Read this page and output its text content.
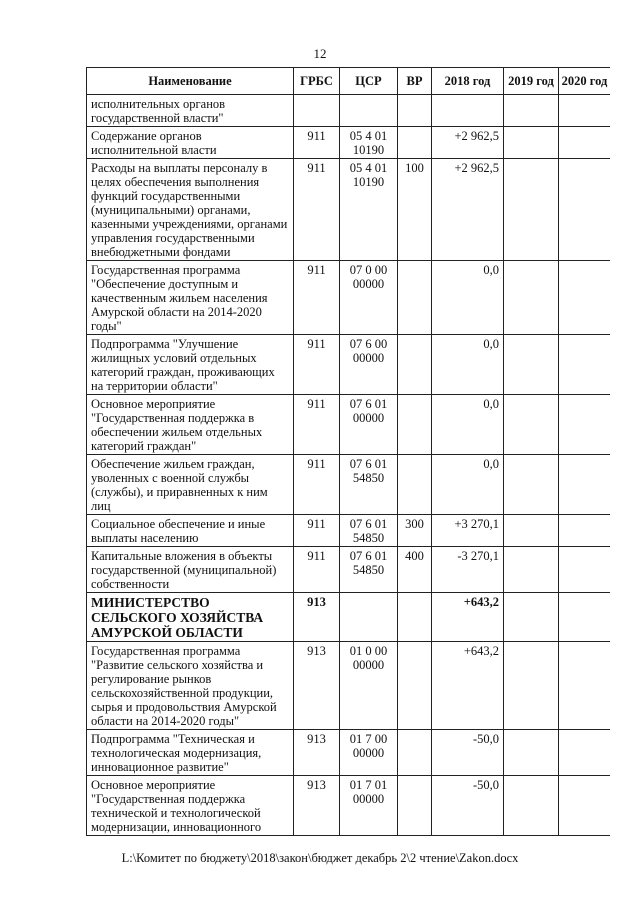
12
Наименование	ГРБС	ЦСР	ВР	2018 год	2019 год	2020 год
исполнительных органов государственной власти"						
Содержание органов исполнительной власти	911	05 4 01 10190		+2 962,5		
Расходы на выплаты персоналу в целях обеспечения выполнения функций государственными (муниципальными) органами, казенными учреждениями, органами управления государственными внебюджетными фондами	911	05 4 01 10190	100	+2 962,5		
Государственная программа "Обеспечение доступным и качественным жильем населения Амурской области на 2014-2020 годы"	911	07 0 00 00000		0,0		
Подпрограмма "Улучшение жилищных условий отдельных категорий граждан, проживающих на территории области"	911	07 6 00 00000		0,0		
Основное мероприятие "Государственная поддержка в обеспечении жильем отдельных категорий граждан"	911	07 6 01 00000		0,0		
Обеспечение жильем граждан, уволенных с военной службы (службы), и приравненных к ним лиц	911	07 6 01 54850		0,0		
Социальное обеспечение и иные выплаты населению	911	07 6 01 54850	300	+3 270,1		
Капитальные вложения в объекты государственной (муниципальной) собственности	911	07 6 01 54850	400	-3 270,1		
МИНИСТЕРСТВО СЕЛЬСКОГО ХОЗЯЙСТВА АМУРСКОЙ ОБЛАСТИ	913			+643,2		
Государственная программа "Развитие сельского хозяйства и регулирование рынков сельскохозяйственной продукции, сырья и продовольствия Амурской области на 2014-2020 годы"	913	01 0 00 00000		+643,2		
Подпрограмма "Техническая и технологическая модернизация, инновационное развитие"	913	01 7 00 00000		-50,0		
Основное мероприятие "Государственная поддержка технической и технологической модернизации, инновационного	913	01 7 01 00000		-50,0		
L:\Комитет по бюджету\2018\закон\бюджет декабрь 2\2 чтение\Zakon.docx
